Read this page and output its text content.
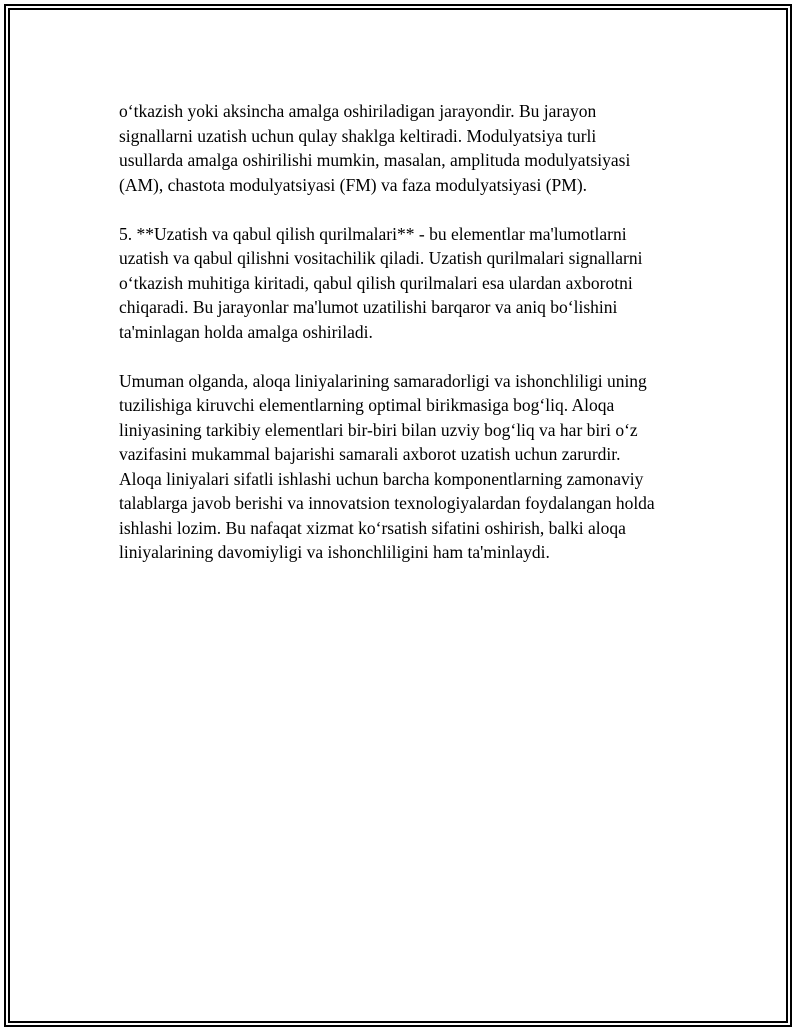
o‘tkazish yoki aksincha amalga oshiriladigan jarayondir. Bu jarayon
signallarni uzatish uchun qulay shaklga keltiradi. Modulyatsiya turli
usullarda amalga oshirilishi mumkin, masalan, amplituda modulyatsiyasi
(AM), chastota modulyatsiyasi (FM) va faza modulyatsiyasi (PM).

5. **Uzatish va qabul qilish qurilmalari** - bu elementlar ma'lumotlarni
uzatish va qabul qilishni vositachilik qiladi. Uzatish qurilmalari signallarni
o‘tkazish muhitiga kiritadi, qabul qilish qurilmalari esa ulardan axborotni
chiqaradi. Bu jarayonlar ma'lumot uzatilishi barqaror va aniq bo‘lishini
ta'minlagan holda amalga oshiriladi.

Umuman olganda, aloqa liniyalarining samaradorligi va ishonchliligi uning
tuzilishiga kiruvchi elementlarning optimal birikmasiga bog‘liq. Aloqa
liniyasining tarkibiy elementlari bir-biri bilan uzviy bog‘liq va har biri o‘z
vazifasini mukammal bajarishi samarali axborot uzatish uchun zarurdir.
Aloqa liniyalari sifatli ishlashi uchun barcha komponentlarning zamonaviy
talablarga javob berishi va innovatsion texnologiyalardan foydalangan holda
ishlashi lozim. Bu nafaqat xizmat ko‘rsatish sifatini oshirish, balki aloqa
liniyalarining davomiyligi va ishonchliligini ham ta'minlaydi.
